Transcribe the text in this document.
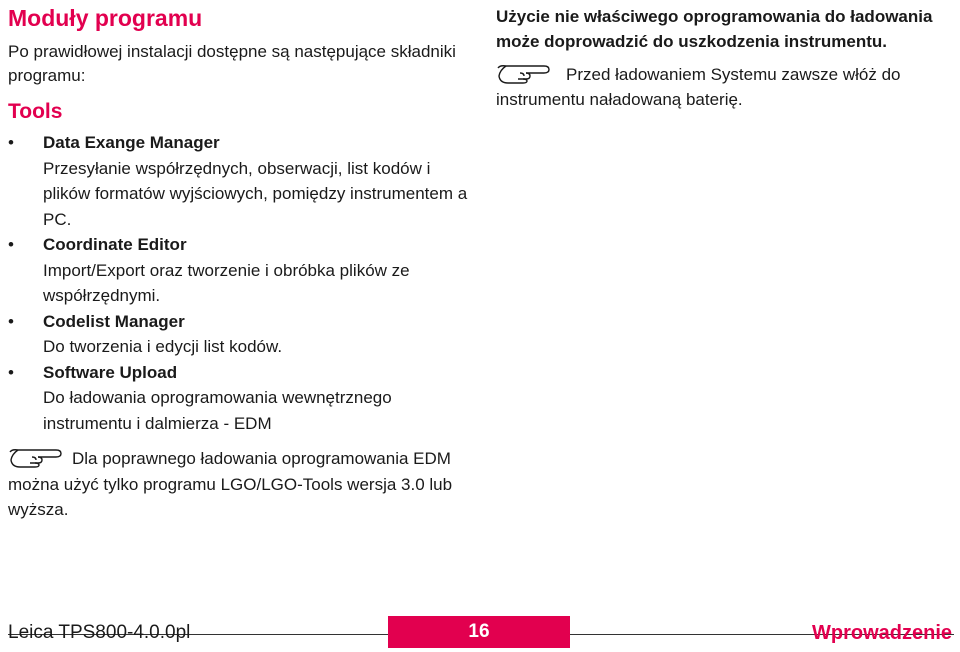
Moduły programu

Po prawidłowej instalacji dostępne są następujące składniki programu:

Tools
• Data Exange Manager
Przesyłanie współrzędnych, obserwacji, list kodów i plików formatów wyjściowych, pomiędzy instrumentem a PC.
• Coordinate Editor
Import/Export oraz tworzenie i obróbka plików ze współrzędnymi.
• Codelist Manager
Do tworzenia i edycji list kodów.
• Software Upload
Do ładowania oprogramowania wewnętrznego instrumentu i dalmierza - EDM
Dla poprawnego ładowania oprogramowania EDM można użyć tylko programu LGO/LGO-Tools wersja 3.0 lub wyższa.

Użycie nie właściwego oprogramowania do ładowania może doprowadzić do uszkodzenia instrumentu.

Przed ładowaniem Systemu zawsze włóż do instrumentu naładowaną baterię.
Leica TPS800-4.0.0pl	16	Wprowadzenie
